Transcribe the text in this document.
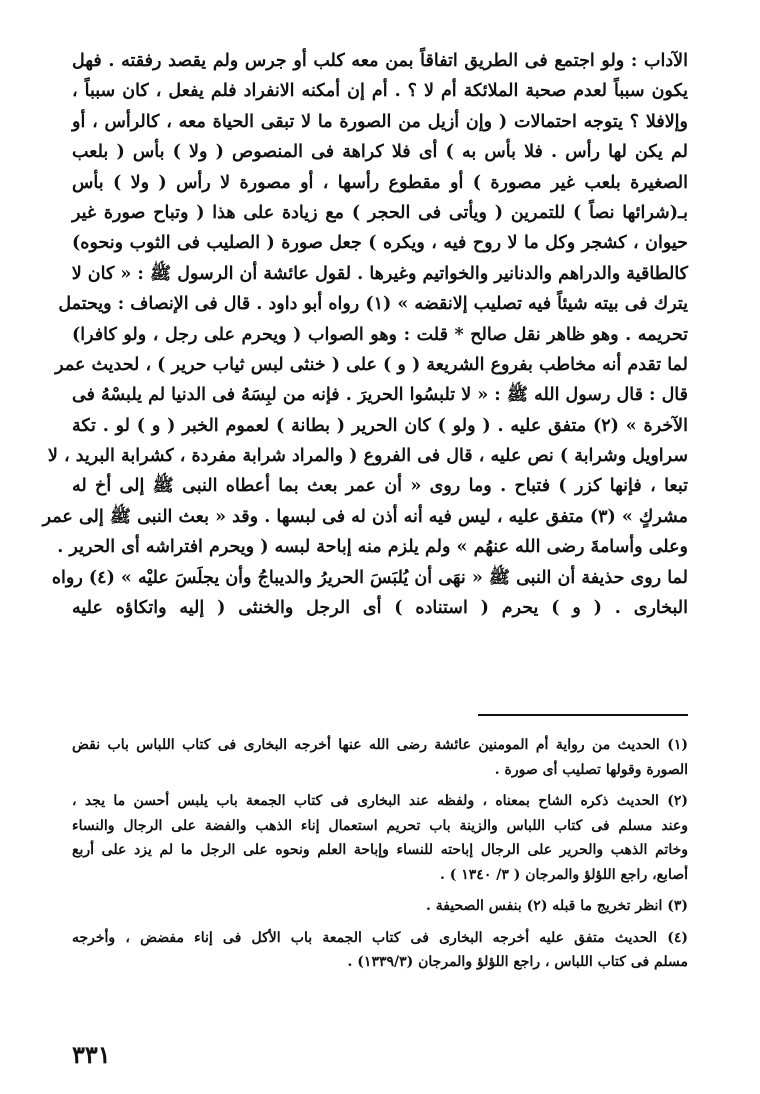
الآداب : ولو اجتمع فى الطريق اتفاقاً بمن معه كلب أو جرس ولم يقصد رفقته . فهل
يكون سبباً لعدم صحبة الملائكة أم لا ؟ . أم إن أمكنه الانفراد فلم يفعل ، كان سبباً ،
وإلافلا ؟ يتوجه احتمالات ( وإن أزيل من الصورة ما لا تبقى الحياة معه ، كالرأس ، أو
لم يكن لها رأس . فلا بأس به ) أى فلا كراهة فى المنصوص ( ولا ) بأس ( بلعب
الصغيرة بلعب غير مصورة ) أو مقطوع رأسها ، أو مصورة لا رأس ( ولا ) بأس
بـ(شرائها نصاً ) للتمرين ( ويأتى فى الحجر ) مع زيادة على هذا ( وتباح صورة غير
حيوان ، كشجر وكل ما لا روح فيه ، ويكره ) جعل صورة ( الصليب فى الثوب ونحوه)
كالطاقية والدراهم والدنانير والخواتيم وغيرها . لقول عائشة أن الرسول ﷺ : « كان لا
يترك فى بيته شيئاً فيه تصليب إلانقضه » (١) رواه أبو داود . قال فى الإنصاف : ويحتمل
تحريمه . وهو ظاهر نقل صالح * قلت : وهو الصواب ( ويحرم على رجل ، ولو كافرا)
لما تقدم أنه مخاطب بفروع الشريعة ( و ) على ( خنثى لبس ثياب حرير ) ، لحديث عمر
قال : قال رسول الله ﷺ : « لا تلبسُوا الحريرَ . فإنه من لبِسَهُ فى الدنيا لم يلبسْهُ فى
الآخرة » (٢) متفق عليه . ( ولو ) كان الحرير ( بطانة ) لعموم الخبر ( و ) لو . تكة
سراويل وشرابة ) نص عليه ، قال فى الفروع ( والمراد شرابة مفردة ، كشرابة البريد ، لا
تبعا ، فإنها كزر ) فتباح . وما روى « أن عمر بعث بما أعطاه النبى ﷺ إلى أخ له
مشركٍ » (٣) متفق عليه ، ليس فيه أنه أذن له فى لبسها . وقد « بعث النبى ﷺ إلى عمر
وعلى وأسامةَ رضى الله عنهُم » ولم يلزم منه إباحة لبسه ( ويحرم افتراشه أى الحرير .
لما روى حذيفة أن النبى ﷺ « نهَى أن يُلبَسَ الحريرُ والديباجُ وأن يجلَسَ عليْه » (٤) رواه
البخارى . ( و ) يحرم ( استناده ) أى الرجل والخنثى ( إليه واتكاؤه عليه
(١) الحديث من رواية أم المومنين عائشة رضى الله عنها أخرجه البخارى فى كتاب اللباس باب نقض
الصورة وقولها تصليب أى صورة .
(٢) الحديث ذكره الشاح بمعناه ، ولفظه عند البخارى فى كتاب الجمعة باب يلبس أحسن ما يجد ،
وعند مسلم فى كتاب اللباس والزينة باب تحريم استعمال إناء الذهب والفضة على الرجال والنساء
وخاتم الذهب والحرير على الرجال إباحته للنساء وإباحة العلم ونحوه على الرجل ما لم يزد على أربع
أصابع، راجع اللؤلؤ والمرجان ( ٣/ ١٣٤٠ ) .
(٣) انظر تخريج ما قبله (٢) بنفس الصحيفة .
(٤) الحديث متفق عليه أخرجه البخارى فى كتاب الجمعة باب الأكل فى إناء مفضض ، وأخرجه
مسلم فى كتاب اللباس ، راجع اللؤلؤ والمرجان (١٣٣٩/٣) .
٣٣١
